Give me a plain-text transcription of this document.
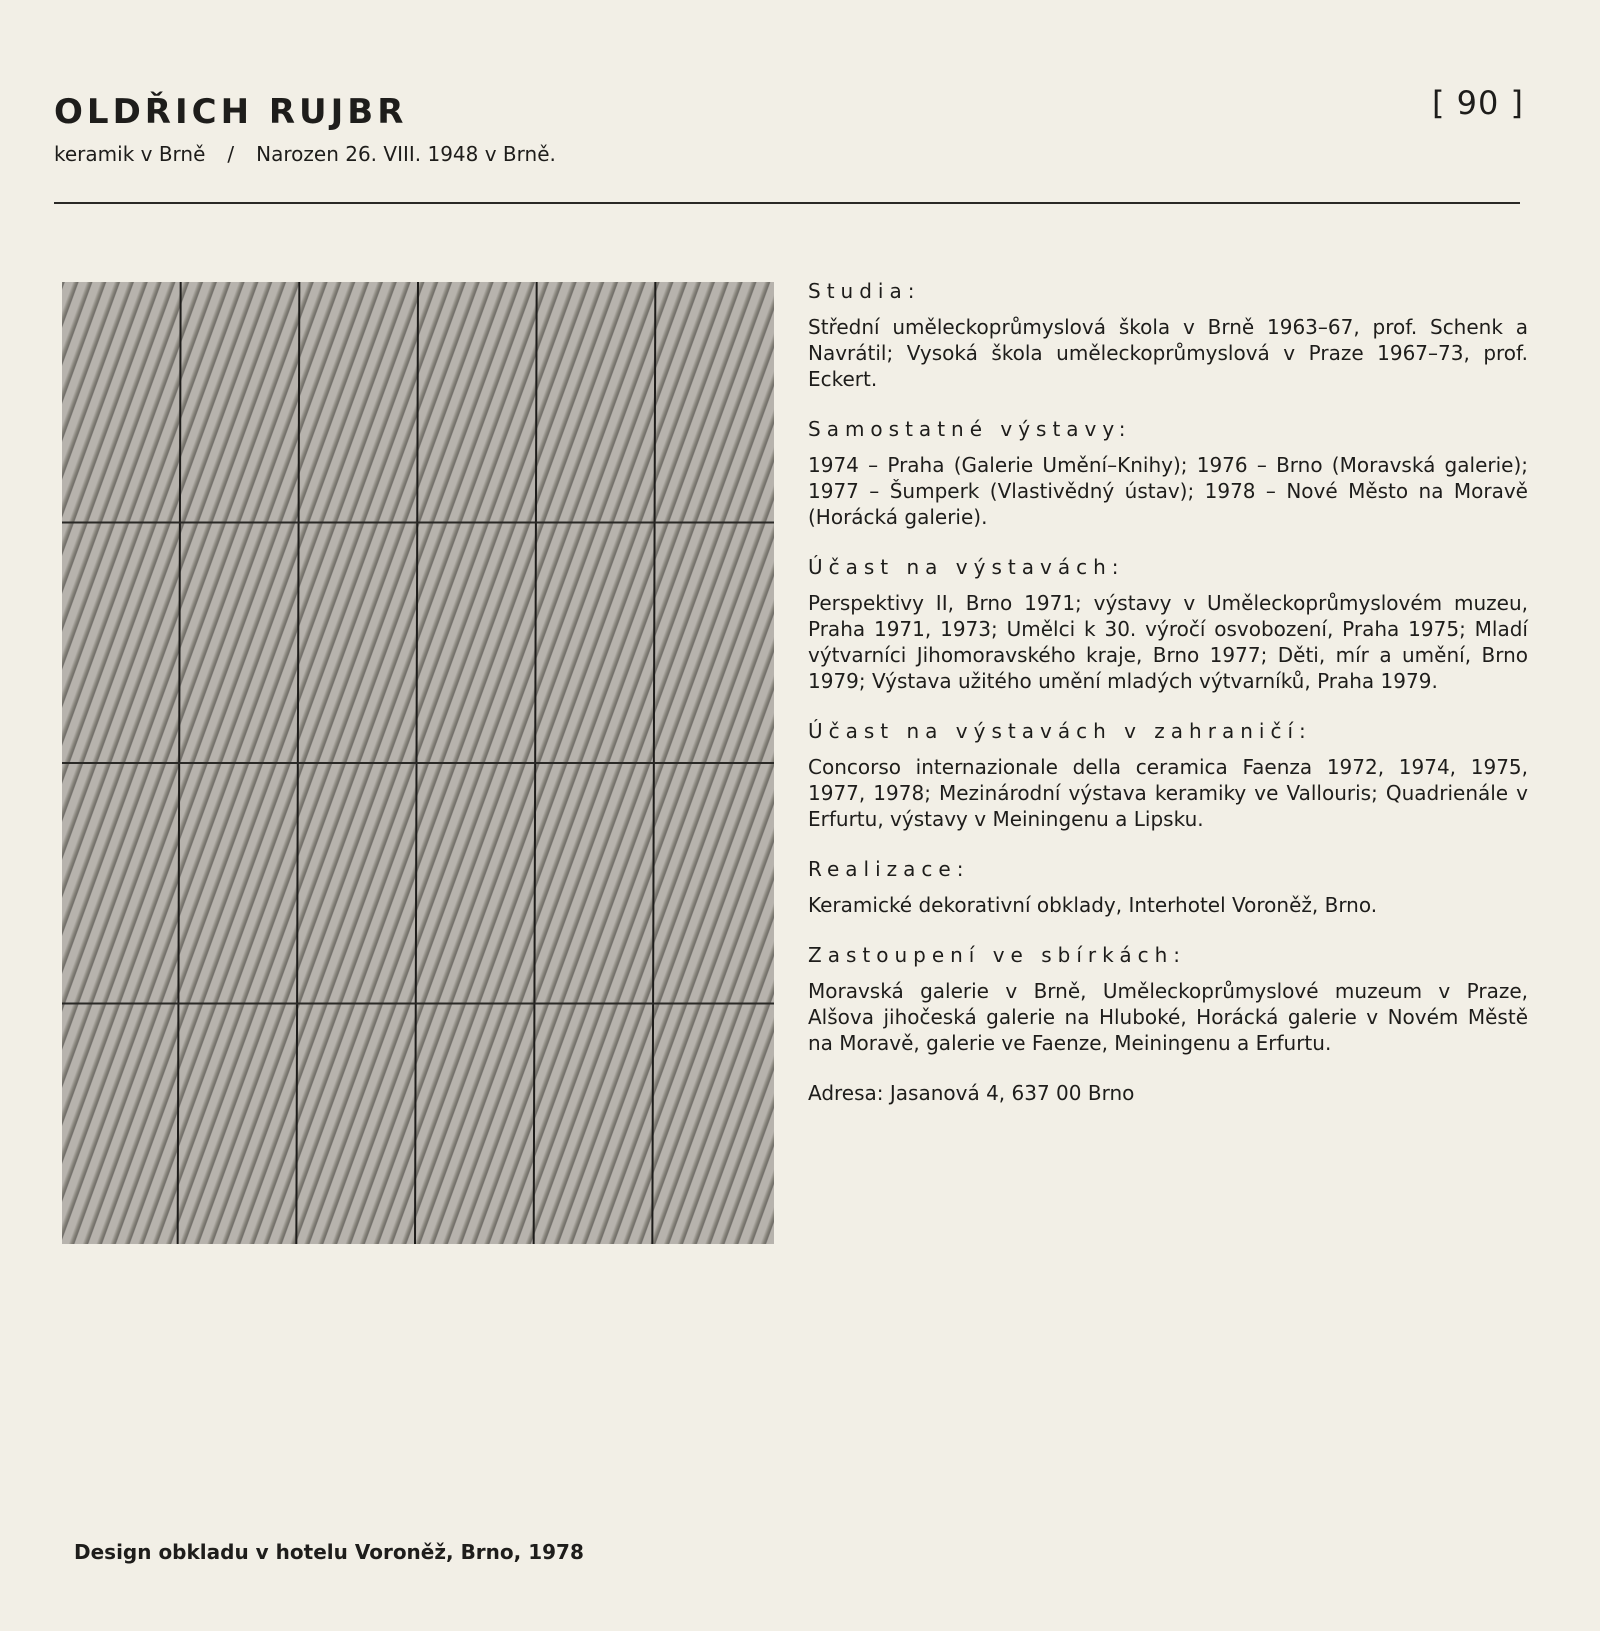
[ 90 ]
OLDŘICH RUJBR

keramik v Brně / Narozen 26. VIII. 1948 v Brně.

Studia:

Střední uměleckoprůmyslová škola v Brně 1963–67, prof. Schenk a Navrátil; Vysoká škola uměleckoprůmyslová v Praze 1967–73, prof. Eckert.

Samostatné výstavy:

1974 – Praha (Galerie Umění–Knihy); 1976 – Brno (Moravská galerie); 1977 – Šumperk (Vlastivědný ústav); 1978 – Nové Město na Moravě (Horácká galerie).

Účast na výstavách:

Perspektivy II, Brno 1971; výstavy v Uměleckoprůmyslovém muzeu, Praha 1971, 1973; Umělci k 30. výročí osvobození, Praha 1975; Mladí výtvarníci Jihomoravského kraje, Brno 1977; Děti, mír a umění, Brno 1979; Výstava užitého umění mladých výtvarníků, Praha 1979.

Účast na výstavách v zahraničí:

Concorso internazionale della ceramica Faenza 1972, 1974, 1975, 1977, 1978; Mezinárodní výstava keramiky ve Vallouris; Quadrienále v Erfurtu, výstavy v Meiningenu a Lipsku.

Realizace:

Keramické dekorativní obklady, Interhotel Voroněž, Brno.

Zastoupení ve sbírkách:

Moravská galerie v Brně, Uměleckoprůmyslové muzeum v Praze, Alšova jihočeská galerie na Hluboké, Horácká galerie v Novém Městě na Moravě, galerie ve Faenze, Meiningenu a Erfurtu.

Adresa: Jasanová 4, 637 00 Brno

Design obkladu v hotelu Voroněž, Brno, 1978
